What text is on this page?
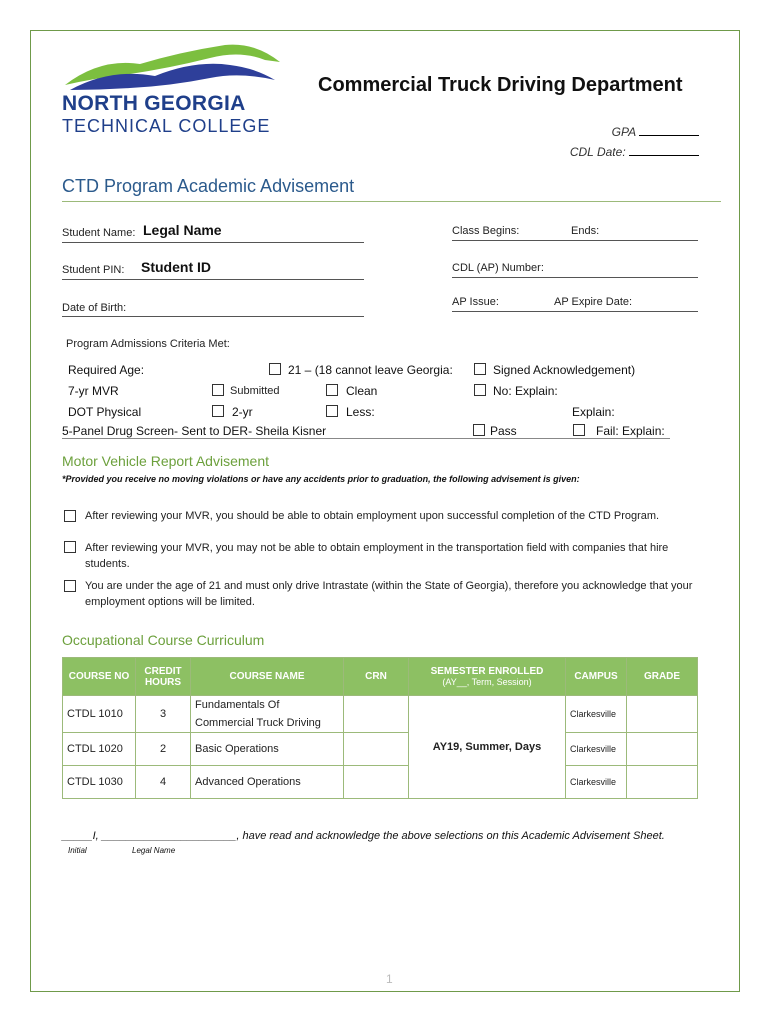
NORTH GEORGIA
TECHNICAL COLLEGE
Commercial Truck Driving Department
GPA
CDL Date:
CTD Program Academic Advisement
Student Name: Legal Name
Student PIN: Student ID
Date of Birth:
Class Begins:	Ends:
CDL (AP) Number:
AP Issue:	AP Expire Date:
Program Admissions Criteria Met:
Required Age:	21 – (18 cannot leave Georgia:	Signed Acknowledgement)
7-yr MVR	Submitted	Clean	No: Explain:
DOT Physical	2-yr	Less:	Explain:
5-Panel Drug Screen- Sent to DER- Sheila Kisner	Pass	Fail: Explain:
Motor Vehicle Report Advisement
*Provided you receive no moving violations or have any accidents prior to graduation, the following advisement is given:
After reviewing your MVR, you should be able to obtain employment upon successful completion of the CTD Program.
After reviewing your MVR, you may not be able to obtain employment in the transportation field with companies that hire students.
You are under the age of 21 and must only drive Intrastate (within the State of Georgia), therefore you acknowledge that your employment options will be limited.
Occupational Course Curriculum
COURSE NO	CREDIT
HOURS	COURSE NAME	CRN	SEMESTER ENROLLED
(AY__, Term, Session)	CAMPUS	GRADE
CTDL 1010	3	Fundamentals Of
Commercial Truck Driving		AY19, Summer, Days	Clarkesville	
CTDL 1020	2	Basic Operations			Clarkesville	
CTDL 1030	4	Advanced Operations			Clarkesville	
_____I, ______________________, have read and acknowledge the above selections on this Academic Advisement Sheet.
Initial	Legal Name
1
